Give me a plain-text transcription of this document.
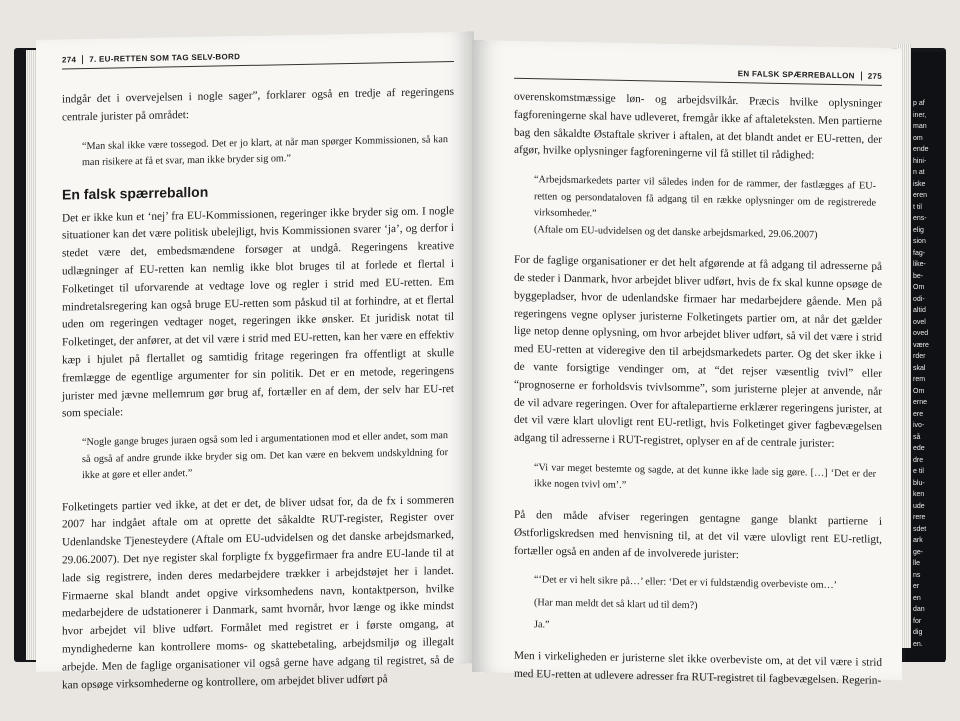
p af
iner,
man
om
ende
hini-
n at
iske
eren
t til
ens-
elig
sion
fag-
like-
be-
Om
odi-
altid
ovel
oved
være
rder
skal
rem
Om
erne
ere
ivo-
så
ede
dre
e til
blu-
ken
ude
rere
sdet
ark
ge-
lle
ns
er
en
dan
for
dig
en.
274	7. EU-RETTEN SOM TAG SELV-BORD

indgår det i overvejelsen i nogle sager”, forklarer også en tredje af regeringens centrale jurister på området:

“Man skal ikke være tossegod. Det er jo klart, at når man spørger Kommissionen, så kan man risikere at få et svar, man ikke bryder sig om.”
En falsk spærreballon

Det er ikke kun et ‘nej’ fra EU-Kommissionen, regeringer ikke bryder sig om. I nogle situationer kan det være politisk ubelejligt, hvis Kommissionen svarer ‘ja’, og derfor i stedet være det, embedsmændene forsøger at undgå. Regeringens kreative udlægninger af EU-retten kan nemlig ikke blot bruges til at forlede et flertal i Folketinget til uforvarende at vedtage love og regler i strid med EU-retten. Em mindretalsregering kan også bruge EU-retten som påskud til at forhindre, at et flertal uden om regeringen vedtager noget, regeringen ikke ønsker. Et juridisk notat til Folketinget, der anfører, at det vil være i strid med EU-retten, kan her være en effektiv kæp i hjulet på flertallet og samtidig fritage regeringen fra offentligt at skulle fremlægge de egentlige argumenter for sin politik. Det er en metode, regeringens jurister med jævne mellemrum gør brug af, fortæller en af dem, der selv har EU-ret som speciale:

“Nogle gange bruges juraen også som led i argumentationen mod et eller andet, som man så også af andre grunde ikke bryder sig om. Det kan være en bekvem undskyldning for ikke at gøre et eller andet.”

Folketingets partier ved ikke, at det er det, de bliver udsat for, da de fx i sommeren 2007 har indgået aftale om at oprette det såkaldte RUT-register, Register over Udenlandske Tjenesteydere (Aftale om EU-udvidelsen og det danske arbejdsmarked, 29.06.2007). Det nye register skal forpligte fx byggefirmaer fra andre EU-lande til at lade sig registrere, inden deres medarbejdere trækker i arbejdstøjet her i landet. Firmaerne skal blandt andet opgive virksomhedens navn, kontaktperson, hvilke medarbejdere de udstationerer i Danmark, samt hvornår, hvor længe og ikke mindst hvor arbejdet vil blive udført. Formålet med registret er i første omgang, at myndighederne kan kontrollere moms- og skattebetaling, arbejdsmiljø og illegalt arbejde. Men de faglige organisationer vil også gerne have adgang til registret, så de kan opsøge virksomhederne og kontrollere, om arbejdet bliver udført på

EN FALSK SPÆRREBALLON	275

overenskomstmæssige løn- og arbejdsvilkår. Præcis hvilke oplysninger fagforeningerne skal have udleveret, fremgår ikke af aftaleteksten. Men partierne bag den såkaldte Østaftale skriver i aftalen, at det blandt andet er EU-retten, der afgør, hvilke oplysninger fagforeningerne vil få stillet til rådighed:

“Arbejdsmarkedets parter vil således inden for de rammer, der fastlægges af EU-retten og persondataloven få adgang til en række oplysninger om de registrerede virksomheder.”
(Aftale om EU-udvidelsen og det danske arbejdsmarked, 29.06.2007)

For de faglige organisationer er det helt afgørende at få adgang til adresserne på de steder i Danmark, hvor arbejdet bliver udført, hvis de fx skal kunne opsøge de byggepladser, hvor de udenlandske firmaer har medarbejdere gående. Men på regeringens vegne oplyser juristerne Folketingets partier om, at når det gælder lige netop denne oplysning, om hvor arbejdet bliver udført, så vil det være i strid med EU-retten at videregive den til arbejdsmarkedets parter. Og det sker ikke i de vante forsigtige vendinger om, at “det rejser væsentlig tvivl” eller “prognoserne er forholdsvis tvivlsomme”, som juristerne plejer at anvende, når de vil advare regeringen. Over for aftalepartierne erklærer regeringens jurister, at det vil være klart ulovligt rent EU-retligt, hvis Folketinget giver fagbevægelsen adgang til adresserne i RUT-registret, oplyser en af de centrale jurister:

“Vi var meget bestemte og sagde, at det kunne ikke lade sig gøre. […] ‘Det er der ikke nogen tvivl om’.”

På den måde afviser regeringen gentagne gange blankt partierne i Østforligskredsen med henvisning til, at det vil være ulovligt rent EU-retligt, fortæller også en anden af de involverede jurister:

“‘Det er vi helt sikre på…’ eller: ‘Det er vi fuldstændig overbeviste om…’
(Har man meldt det så klart ud til dem?)
Ja.”

Men i virkeligheden er juristerne slet ikke overbeviste om, at det vil være i strid med EU-retten at udlevere adresser fra RUT-registret til fagbevægelsen. Regerin-
